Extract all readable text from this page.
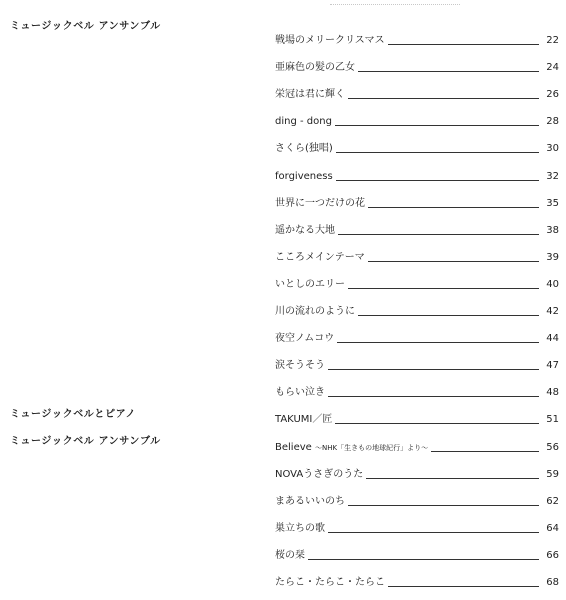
ミュージックベル アンサンブル
ミュージックベルとピアノ
ミュージックベル アンサンブル
戦場のメリークリスマス	22
亜麻色の髪の乙女	24
栄冠は君に輝く	26
ding - dong	28
さくら(独唱)	30
forgiveness	32
世界に一つだけの花	35
遥かなる大地	38
こころメインテーマ	39
いとしのエリー	40
川の流れのように	42
夜空ノムコウ	44
涙そうそう	47
もらい泣き	48
TAKUMI／匠	51
Believe ～NHK「生きもの地球紀行」より～	56
NOVAうさぎのうた	59
まあるいいのち	62
巣立ちの歌	64
桜の栞	66
たらこ・たらこ・たらこ	68
